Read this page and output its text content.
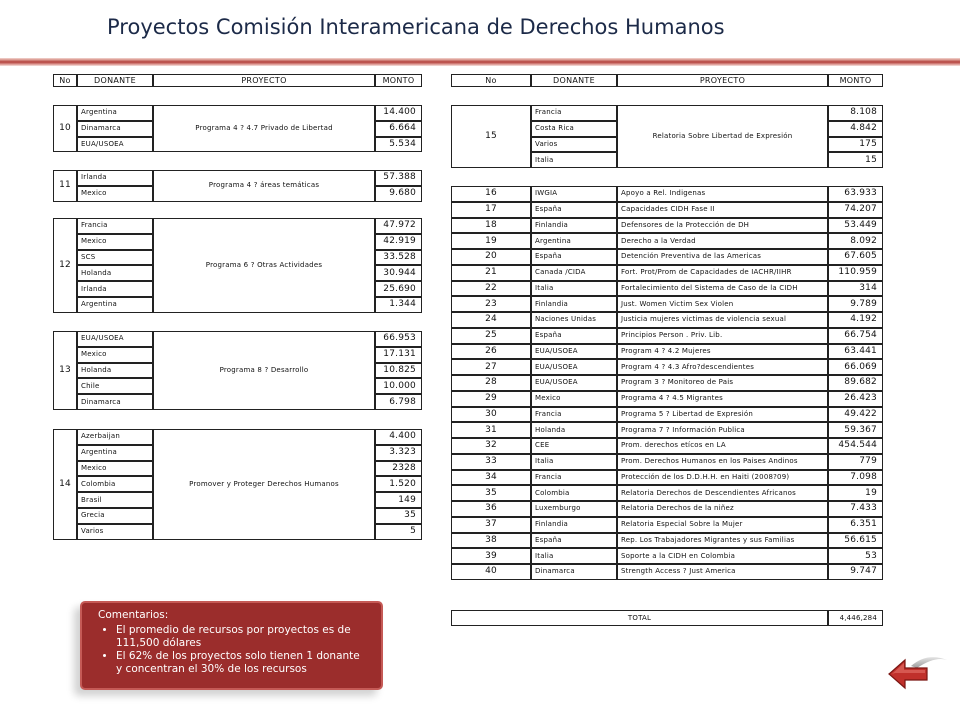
Proyectos Comisión Interamericana de Derechos Humanos
No	DONANTE	PROYECTO	MONTO	No	DONANTE	PROYECTO	MONTO
10	Programa 4 ? 4.7 Privado de Libertad
Argentina	14.400
Dinamarca	6.664
EUA/USOEA	5.534
11	Programa 4 ? áreas temáticas
Irlanda	57.388
Mexico	9.680
12	Programa 6 ? Otras Actividades
Francia	47.972
Mexico	42.919
SCS	33.528
Holanda	30.944
Irlanda	25.690
Argentina	1.344
13	Programa 8 ? Desarrollo
EUA/USOEA	66.953
Mexico	17.131
Holanda	10.825
Chile	10.000
Dinamarca	6.798
14	Promover y Proteger Derechos Humanos
Azerbaijan	4.400
Argentina	3.323
Mexico	2328
Colombia	1.520
Brasil	149
Grecia	35
Varios	5
15	Relatoria Sobre Libertad de Expresión
Francia	8.108
Costa Rica	4.842
Varios	175
Italia	15
16	IWGIA	Apoyo a Rel. Indigenas	63.933
17	España	Capacidades CIDH Fase II	74.207
18	Finlandia	Defensores de la Protección de DH	53.449
19	Argentina	Derecho a la Verdad	8.092
20	España	Detención Preventiva de las Americas	67.605
21	Canada /CIDA	Fort. Prot/Prom de Capacidades de IACHR/IIHR	110.959
22	Italia	Fortalecimiento del Sistema de Caso de la CIDH	314
23	Finlandia	Just. Women Victim Sex Violen	9.789
24	Naciones Unidas	Justicia mujeres victimas de violencia sexual	4.192
25	España	Principios Person . Priv. Lib.	66.754
26	EUA/USOEA	Program 4 ? 4.2 Mujeres	63.441
27	EUA/USOEA	Program 4 ? 4.3 Afro?descendientes	66.069
28	EUA/USOEA	Program 3 ? Monitoreo de Pais	89.682
29	Mexico	Programa 4 ? 4.5 Migrantes	26.423
30	Francia	Programa 5 ? Libertad de Expresión	49.422
31	Holanda	Programa 7 ? Información Publica	59.367
32	CEE	Prom. derechos etícos en LA	454.544
33	Italia	Prom. Derechos Humanos en los Paises Andinos	779
34	Francia	Protección de los D.D.H.H. en Haiti (2008?09)	7.098
35	Colombia	Relatoria Derechos de Descendientes Africanos	19
36	Luxemburgo	Relatoria Derechos de la niñez	7.433
37	Finlandia	Relatoria Especial Sobre la Mujer	6.351
38	España	Rep. Los Trabajadores Migrantes y sus Familias	56.615
39	Italia	Soporte a la CIDH en Colombia	53
40	Dinamarca	Strength Access ? Just America	9.747
TOTAL	4,446,284
Comentarios:
• El promedio de recursos por proyectos es de 111,500 dólares
• El 62% de los proyectos solo tienen 1 donante y concentran el 30% de los recursos
